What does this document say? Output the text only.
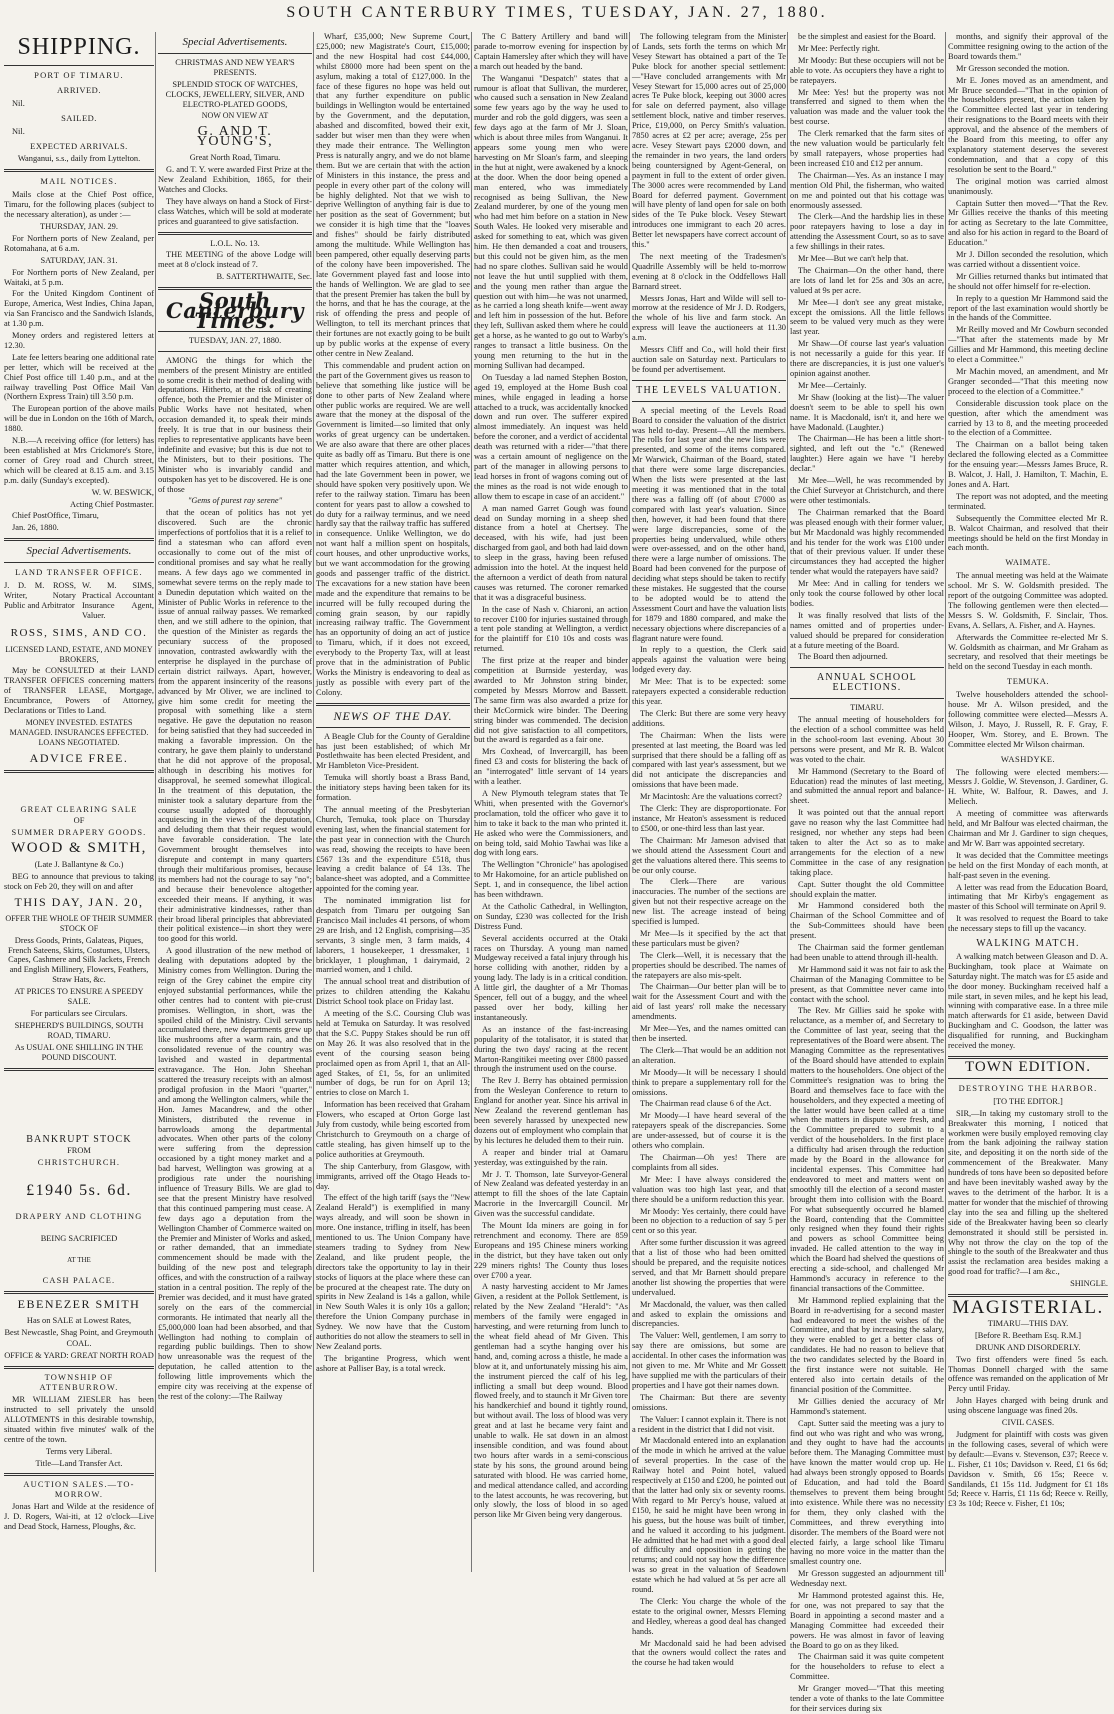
SOUTH CANTERBURY TIMES, TUESDAY, JAN. 27, 1880.
SHIPPING.
PORT OF TIMARU.
ARRIVED.

Nil.

SAILED.

Nil.

EXPECTED ARRIVALS.

Wanganui, s.s., daily from Lyttelton.

MAIL NOTICES.

Mails close at the Chief Post office, Timaru, for the following places (subject to the necessary alteration), as under :—

THURSDAY, JAN. 29.

For Northern ports of New Zealand, per Rotomahana, at 6 a.m.

SATURDAY, JAN. 31.

For Northern ports of New Zealand, per Waitaki, at 5 p.m.

For the United Kingdom Continent of Europe, America, West Indies, China Japan, via San Francisco and the Sandwich Islands, at 1.30 p.m.

Money orders and registered letters at 12.30.

Late fee letters bearing one additional rate per letter, which will be received at the Chief Post office till 1.40 p.m., and at the railway travelling Post Office Mail Van (Northern Express Train) till 3.50 p.m.

The European portion of the above mails will be due in London on the 16th of March, 1880.

N.B.—A receiving office (for letters) has been established at Mrs Crickmore's Store, corner of Grey road and Church street, which will be cleared at 8.15 a.m. and 3.15 p.m. daily (Sunday's excepted).

W. W. BESWICK,

Acting Chief Postmaster.

Chief PostOffice, Timaru,

Jan. 26, 1880.

Special Advertisements.
LAND TRANSFER OFFICE.

J. D. M. ROSS, Writer, Notary Public and Arbitrator

W. M. SIMS, Practical Accountant Insurance Agent, Valuer.

ROSS, SIMS, AND CO.

LICENSED LAND, ESTATE, AND MONEY BROKERS,

May be CONSULTED at their LAND TRANSFER OFFICES concerning matters of TRANSFER LEASE, Mortgage, Encumbrance, Powers of Attorney, Declarations or Titles to Land.

MONEY INVESTED. ESTATES MANAGED. INSURANCES EFFECTED. LOANS NEGOTIATED.

ADVICE FREE.

GREAT CLEARING SALE

OF

SUMMER DRAPERY GOODS.

WOOD & SMITH,

(Late J. Ballantyne & Co.)

BEG to announce that previous to taking stock on Feb 20, they will on and after

THIS DAY, JAN. 20,

OFFER THE WHOLE OF THEIR SUMMER STOCK OF

Dress Goods, Prints, Galateas, Piques, French Sateens, Skirts, Costumes, Ulsters, Capes, Cashmere and Silk Jackets, French and English Millinery, Flowers, Feathers, Straw Hats, &c.

AT PRICES TO ENSURE A SPEEDY SALE.

For particulars see Circulars.

SHEPHERD'S BUILDINGS, SOUTH ROAD, TIMARU.

As USUAL ONE SHILLING IN THE POUND DISCOUNT.

BANKRUPT STOCK

FROM

CHRISTCHURCH.

£1940 5s. 6d.

DRAPERY AND CLOTHING

BEING SACRIFICED

AT THE

CASH PALACE.

EBENEZER SMITH

Has on SALE at Lowest Rates,

Best Newcastle, Shag Point, and Greymouth

COAL.

OFFICE & YARD: GREAT NORTH ROAD

TOWNSHIP OF ATTENBURROW.

MR WILLIAM ZIESLER has been instructed to sell privately the unsold ALLOTMENTS in this desirable township, situated within five minutes' walk of the centre of the town.

Terms very Liberal.

Title—Land Transfer Act.

AUCTION SALES.—TO-MORROW.

Jonas Hart and Wilde at the residence of J. D. Rogers, Wai-iti, at 12 o'clock—Live and Dead Stock, Harness, Ploughs, &c.

Special Advertisements.

CHRISTMAS AND NEW YEAR'S PRESENTS.

SPLENDID STOCK OF WATCHES, CLOCKS, JEWELLERY, SILVER, AND ELECTRO-PLATED GOODS,

NOW ON VIEW AT

G. AND T. YOUNG'S,

Great North Road, Timaru.

G. and T. Y. were awarded First Prize at the New Zealand Exhibition, 1865, for their Watches and Clocks.

They have always on hand a Stock of First-class Watches, which will be sold at moderate prices and guaranteed to give satisfaction.

L.O.L. No. 13.

THE MEETING of the above Lodge will meet at 8 o'clock instead of 7.

B. SATTERTHWAITE, Sec.

South Canterbury Times.

TUESDAY, JAN. 27, 1880.

AMONG the things for which the members of the present Ministry are entitled to some credit is their method of dealing with deputations. Hitherto, at the risk of creating offence, both the Premier and the Minister of Public Works have not hesitated, when occasion demanded it, to speak their minds freely. It is true that in our business their replies to representative applicants have been indefinite and evasive; but this is due not to the Ministers, but to their positions. The Minister who is invariably candid and outspoken has yet to be discovered. He is one of those

"Gems of purest ray serene"

that the ocean of politics has not yet discovered. Such are the chronic imperfections of portfolios that it is a relief to find a statesman who can afford even occasionally to come out of the mist of conditional promises and say what he really means. A few days ago we commented in somewhat severe terms on the reply made to a Dunedin deputation which waited on the Minister of Public Works in reference to the issue of annual railway passes. We remarked then, and we still adhere to the opinion, that the question of the Minister as regards the pecuniary success of the proposed innovation, contrasted awkwardly with the enterprise he displayed in the purchase of certain district railways. Apart, however, from the apparent insincerity of the reasons advanced by Mr Oliver, we are inclined to give him some credit for meeting the proposal with something like a stern negative. He gave the deputation no reason for being satisfied that they had succeeded in making a favorable impression. On the contrary, he gave them plainly to understand that he did not approve of the proposal, although in describing his motives for disapproval, he seemed somewhat illogical. In the treatment of this deputation, the minister took a salutary departure from the course usually adopted of thoroughly acquiescing in the views of the deputation, and deluding them that their request would have favorable consideration. The late Government brought themselves into disrepute and contempt in many quarters through their multifarious promises, because its members had not the courage to say "no"; and because their benevolence altogether exceeded their means. If anything, it was their administrative kindnesses, rather than their broad liberal principles that abbreviated their political existence—in short they were too good for this world.

A good illustration of the new method of dealing with deputations adopted by the Ministry comes from Wellington. During the reign of the Grey cabinet the empire city enjoyed substantial performances, while the other centres had to content with pie-crust promises. Wellington, in short, was the spoiled child of the Ministry. Civil servants accumulated there, new departments grew up like mushrooms after a warm rain, and the consolidated revenue of the country was lavished and wasted in departmental extravagance. The Hon. John Sheehan scattered the treasury receipts with an almost prodigal profusion in the Maori "quarter," and among the Wellington calmers, while the Hon. James Macandrew, and the other Ministers, distributed the revenue in barrowloads among the departmental advocates. When other parts of the colony were suffering from the depression occasioned by a tight money market and a bad harvest, Wellington was growing at a prodigious rate under the nourishing influence of Treasury Bills. We are glad to see that the present Ministry have resolved that this continued pampering must cease. A few days ago a deputation from the Wellington Chamber of Commerce waited on the Premier and Minister of Works and asked, or rather demanded, that an immediate commencement should be made with the building of the new post and telegraph offices, and with the construction of a railway station in a central position. The reply of the Premier was decided, and it must have grated sorely on the ears of the commercial cormorants. He intimated that nearly all the £5,000,000 loan had been absorbed, and that Wellington had nothing to complain of regarding public buildings. Then to show how unreasonable was the request of the deputation, he called attention to the following little improvements which the empire city was receiving at the expense of the rest of the colony:—The Railway

Wharf, £35,000; New Supreme Court, £25,000; new Magistrate's Court, £15,000; and the new Hospital had cost £44,000, whilst £8000 more had been spent on the asylum, making a total of £127,000. In the face of these figures no hope was held out that any further expenditure on public buildings in Wellington would be entertained by the Government, and the deputation, abashed and discomfited, bowed their exit, sadder but wiser men than they were when they made their entrance. The Wellington Press is naturally angry, and we do not blame them. But we are certain that with the action of Ministers in this instance, the press and people in every other part of the colony will be highly delighted. Not that we wish to deprive Wellington of anything fair is due to her position as the seat of Government; but we consider it is high time that the "loaves and fishes" should be fairly distributed among the multitude. While Wellington has been pampered, other equally deserving parts of the colony have been impoverished. The late Government played fast and loose into the hands of Wellington. We are glad to see that the present Premier has taken the bull by the horns, and that he has the courage, at the risk of offending the press and people of Wellington, to tell its merchant princes that their fortunes are not exactly going to be built up by public works at the expense of every other centre in New Zealand.

This commendable and prudent action on the part of the Government gives us reason to believe that something like justice will be done to other parts of New Zealand where other public works are required. We are well aware that the money at the disposal of the Government is limited—so limited that only works of great urgency can be undertaken. We are also aware that there are other places quite as badly off as Timaru. But there is one matter which requires attention, and which, had the late Government been in power, we should have spoken very positively upon. We refer to the railway station. Timaru has been content for years past to allow a cowshed to do duty for a railway terminus, and we need hardly say that the railway traffic has suffered in consequence. Unlike Wellington, we do not want half a million spent on hospitals, court houses, and other unproductive works, but we want accommodation for the growing goods and passenger traffic of the district. The excavations for a new station have been made and the expenditure that remains to be incurred will be fully recouped during the coming grain season, by our rapidly increasing railway traffic. The Government has an opportunity of doing an act of justice to Timaru, which, if it does not exceed, everybody to the Property Tax, will at least prove that in the administration of Public Works the Ministry is endeavoring to deal as justly as possible with every part of the Colony.

NEWS OF THE DAY.

A Beagle Club for the County of Geraldine has just been established; of which Mr Postlethwaite has been elected President, and Mr Hambleton Vice-President.

Temuka will shortly boast a Brass Band, the initiatory steps having been taken for its formation.

The annual meeting of the Presbyterian Church, Temuka, took place on Thursday evening last, when the financial statement for the past year in connection with the Church was read, showing the receipts to have been £567 13s and the expenditure £518, thus leaving a credit balance of £4 13s. The balance-sheet was adopted, and a Committee appointed for the coming year.

The nominated immigration list for despatch from Timaru per outgoing San Francisco Mail includes 41 persons, of whom 29 are Irish, and 12 English, comprising—35 servants, 3 single men, 3 farm maids, 4 laborers, 1 housekeeper, 1 dressmaker, 1 bricklayer, 1 ploughman, 1 dairymaid, 2 married women, and 1 child.

The annual school treat and distribution of prizes to children attending the Kakahu District School took place on Friday last.

A meeting of the S.C. Coursing Club was held at Temuka on Saturday. It was resolved that the S.C. Puppy Stakes should be run off on May 26. It was also resolved that in the event of the coursing season being proclaimed open as from April 1, that an All-aged Stakes, of £1, 5s, for an unlimited number of dogs, be run for on April 13; entries to close on March 1.

Information has been received that Graham Flowers, who escaped at Orton Gorge last July from custody, while being escorted from Christchurch to Greymouth on a charge of cattle stealing, has given himself up to the police authorities at Greymouth.

The ship Canterbury, from Glasgow, with immigrants, arrived off the Otago Heads to-day.

The effect of the high tariff (says the "New Zealand Herald") is exemplified in many ways already, and will soon be shown in more. One instance, trifling in itself, has been mentioned to us. The Union Company have steamers trading to Sydney from New Zealand, and like prudent people, the directors take the opportunity to lay in their stocks of liquors at the place where these can be procured at the cheapest rate. The duty on spirits in New Zealand is 14s a gallon, while in New South Wales it is only 10s a gallon; therefore the Union Company purchase in Sydney. We now have that the Custom authorities do not allow the steamers to sell in New Zealand ports.

The brigantine Progress, which went ashore at Palliser Bay, is a total wreck.

The C Battery Artillery and band will parade to-morrow evening for inspection by Captain Hamersley after which they will have a march out headed by the band.

The Wanganui "Despatch" states that a rumour is afloat that Sullivan, the murderer, who caused such a sensation in New Zealand some few years ago by the way he used to murder and rob the gold diggers, was seen a few days ago at the farm of Mr J. Sloan, which is about three miles from Wanganui. It appears some young men who were harvesting on Mr Sloan's farm, and sleeping in the hut at night, were awakened by a knock at the door. When the door being opened a man entered, who was immediately recognised as being Sullivan, the New Zealand murderer, by one of the young men who had met him before on a station in New South Wales. He looked very miserable and asked for something to eat, which was given him. He then demanded a coat and trousers, but this could not be given him, as the men had no spare clothes. Sullivan said he would not leave the hut until supplied with them, and the young men rather than argue the question out with him—he was not unarmed, as he carried a long sheath knife—went away and left him in possession of the hut. Before they left, Sullivan asked them where he could get a horse, as he wanted to go out to Warby's ranges to transact a little business. On the young men returning to the hut in the morning Sullivan had decamped.

On Tuesday a lad named Stephen Boston, aged 19, employed at the Home Bush coal mines, while engaged in leading a horse attached to a truck, was accidentally knocked down and run over. The sufferer expired almost immediately. An inquest was held before the coroner, and a verdict of accidental death was returned with a rider—"that there was a certain amount of negligence on the part of the manager in allowing persons to lead horses in front of wagons coming out of the mines as the road is not wide enough to allow them to escape in case of an accident."

A man named Garret Gough was found dead on Sunday morning in a sheep shed distance from a hotel at Chertsey. The deceased, with his wife, had just been discharged from gaol, and both had laid down to sleep in the grass, having been refused admission into the hotel. At the inquest held the afternoon a verdict of death from natural causes was returned. The coroner remarked that it was a disgraceful business.

In the case of Nash v. Chiaroni, an action to recover £100 for injuries sustained through a tent pole standing at Wellington, a verdict for the plaintiff for £10 10s and costs was returned.

The first prize at the reaper and binder competition at Burnside yesterday, was awarded to Mr Johnston string binder, competed by Messrs Morrow and Bassett. The same firm was also awarded a prize for their McCormick wire binder. The Deering string binder was commended. The decision did not give satisfaction to all competitors, but the award is regarded as a fair one.

Mrs Coxhead, of Invercargill, has been fined £3 and costs for blistering the back of an "interrogated" little servant of 14 years with a leather.

A New Plymouth telegram states that Te Whiti, when presented with the Governor's proclamation, told the officer who gave it to him to take it back to the man who printed it. He asked who were the Commissioners, and on being told, said Mohio Tawhai was like a dog with long ears.

The Wellington "Chronicle" has apologised to Mr Hakomoine, for an article published on Sept. 1, and in consequence, the libel action has been withdrawn.

At the Catholic Cathedral, in Wellington, on Sunday, £230 was collected for the Irish Distress Fund.

Several accidents occurred at the Otaki races on Thursday. A young man named Mudgeway received a fatal injury through his horse colliding with another, ridden by a young lady. The lady is in a critical condition. A little girl, the daughter of a Mr Thomas Spencer, fell out of a buggy, and the wheel passed over her body, killing her instantaneously.

As an instance of the fast-increasing popularity of the totalisator, it is stated that during the two days' racing at the recent Marton-Rangitikei meeting over £800 passed through the instrument used on the course.

The Rev J. Berry has obtained permission from the Wesleyan Conference to return to England for another year. Since his arrival in New Zealand the reverend gentleman has been severely harassed by unexpected new dozens out of employment who complain that by his lectures he deluded them to their ruin.

A reaper and binder trial at Oamaru yesterday, was extinguished by the rain.

Mr J. T. Thomson, late Surveyor-General of New Zealand was defeated yesterday in an attempt to fill the shoes of the late Captain Macrorie in the Invercargill Council. Mr Given was the successful candidate.

The Mount Ida miners are going in for retrenchment and economy. There are 859 Europeans and 195 Chinese miners working in the district, but they have taken out only 229 miners rights! The County thus loses over £700 a year.

A nasty harvesting accident to Mr James Given, a resident at the Pollok Settlement, is related by the New Zealand "Herald": "As members of the family were engaged in harvesting, and were returning from lunch to the wheat field ahead of Mr Given. This gentleman had a scythe hanging over his hand, and, coming across a thistle, he made a blow at it, and unfortunately missing his aim, the instrument pierced the calf of his leg, inflicting a small but deep wound. Blood flowed freely, and to staunch it Mr Given tore his handkerchief and bound it tightly round, but without avail. The loss of blood was very great and at last he became very faint and unable to walk. He sat down in an almost insensible condition, and was found about two hours after wards in a semi-conscious state by his sons, the ground around being saturated with blood. He was carried home, and medical attendance called, and according to the latest accounts, he was recovering, but only slowly, the loss of blood in so aged person like Mr Given being very dangerous.

The following telegram from the Minister of Lands, sets forth the terms on which Mr Vesey Stewart has obtained a part of the Te Puke block for another special settlement:—"Have concluded arrangements with Mr Vesey Stewart for 15,000 acres out of 25,000 acres Te Puke block, keeping out 3000 acres for sale on deferred payment, also village settlement block, native and timber reserves. Price, £19,000, on Percy Smith's valuation. 7850 acres at £2 per acre; average, 25s per acre. Vesey Stewart pays £2000 down, and the remainder in two years, the land orders being countersigned by Agent-General, on payment in full to the extent of order given. The 3000 acres were recommended by Land Board for deferred payment. Government will have plenty of land open for sale on both sides of the Te Puke block. Vesey Stewart introduces one immigrant to each 20 acres. Better let newspapers have correct account of this."

The next meeting of the Tradesmen's Quadrille Assembly will be held to-morrow evening at 8 o'clock in the Oddfellows Hall Barnard street.

Messrs Jonas, Hart and Wilde will sell to-morrow at the residence of Mr J. D. Rodgers, the whole of his live and farm stock. An express will leave the auctioneers at 11.30 a.m.

Messrs Cliff and Co., will hold their first auction sale on Saturday next. Particulars to be found per advertisement.

THE LEVELS VALUATION.

A special meeting of the Levels Road Board to consider the valuation of the district was held to-day. Present—All the members. The rolls for last year and the new lists were presented, and some of the items compared. Mr Warwick, Chairman of the Board, stated that there were some large discrepancies. When the lists were presented at the last meeting it was mentioned that in the total there was a falling off (of about £7000 as compared with last year's valuation. Since then, however, it had been found that there were large discrepancies, some of the properties being undervalued, while others were over-assessed, and on the other hand, there were a large number of omissions. The Board had been convened for the purpose of deciding what steps should be taken to rectify these mistakes. He suggested that the course to be adopted would be to attend the Assessment Court and have the valuation lists for 1879 and 1880 compared, and make the necessary objections where discrepancies of a flagrant nature were found.

In reply to a question, the Clerk said appeals against the valuation were being lodged every day.

Mr Mee: That is to be expected: some ratepayers expected a considerable reduction this year.

The Clerk: But there are some very heavy additions.

The Chairman: When the lists were presented at last meeting, the Board was led surprised that there should be a falling off as compared with last year's assessment, but we did not anticipate the discrepancies and omissions that have been made.

Mr Macintosh: Are the valuations correct?

The Clerk: They are disproportionate. For instance, Mr Heaton's assessment is reduced to £500, or one-third less than last year.

The Chairman: Mr Jameson advised that we should attend the Assessment Court and get the valuations altered there. This seems to be our only course.

The Clerk—There are various inaccuracies. The number of the sections are given but not their respective acreage on the new list. The acreage instead of being specified is lumped.

Mr Mee—Is it specified by the act that these particulars must be given?

The Clerk—Well, it is necessary that the properties should be described. The names of the ratepayers are also mis-spelt.

The Chairman—Our better plan will be to wait for the Assessment Court and with the aid of last years' roll make the necessary amendments.

Mr Mee—Yes, and the names omitted can then be inserted.

The Clerk—That would be an addition not an alteration.

Mr Moody—It will be necessary I should think to prepare a supplementary roll for the omissions.

The Chairman read clause 6 of the Act.

Mr Moody—I have heard several of the ratepayers speak of the discrepancies. Some are under-assessed, but of course it is the others who complain.

The Chairman—Oh yes! There are complaints from all sides.

Mr Mee: I have always considered the valuation was too high last year, and that there should be a uniform reduction this year.

Mr Moody: Yes certainly, there could have been no objection to a reduction of say 5 per cent or so this year.

After some further discussion it was agreed that a list of those who had been omitted should be prepared, and the requisite notices served, and that Mr Barnett should prepare another list showing the properties that were undervalued.

Mr Macdonald, the valuer, was then called and asked to explain the omissions and discrepancies.

The Valuer: Well, gentlemen, I am sorry to say there are omissions, but some are accidental. In other cases the information was not given to me. Mr White and Mr Gossett have supplied me with the particulars of their properties and I have got their names down.

The Chairman: But there are seventy omissions.

The Valuer: I cannot explain it. There is not a resident in the district that I did not visit.

Mr Macdonald entered into an explanation of the mode in which he arrived at the value of several properties. In the case of the Railway hotel and Point hotel, valued respectively at £150 and £200, he pointed out that the latter had only six or seventy rooms. With regard to Mr Percy's house, valued at £150, he said he might have been wrong in his guess, but the house was built of timber, and he valued it according to his judgment. He admitted that he had met with a good deal of difficulty and opposition in getting the returns; and could not say how the difference was so great in the valuation of Seadown estate which he had valued at 5s per acre all round.

The Clerk: You charge the whole of the estate to the original owner, Messrs Fleming and Hedley, whereas a good deal has changed hands.

Mr Macdonald said he had been advised that the owners would collect the rates and the course he had taken would

be the simplest and easiest for the Board.

Mr Mee: Perfectly right.

Mr Moody: But these occupiers will not be able to vote. As occupiers they have a right to be ratepayers.

Mr Mee: Yes! but the property was not transferred and signed to them when the valuation was made and the valuer took the best course.

The Clerk remarked that the farm sites of the new valuation would be particularly felt by small ratepayers, whose properties had been increased £10 and £12 per annum.

The Chairman—Yes. As an instance I may mention Old Phil, the fisherman, who waited on me and pointed out that his cottage was enormously assessed.

The Clerk—And the hardship lies in these poor ratepayers having to lose a day in attending the Assessment Court, so as to save a few shillings in their rates.

Mr Mee—But we can't help that.

The Chairman—On the other hand, there are lots of land let for 25s and 30s an acre, valued at 9s per acre.

Mr Mee—I don't see any great mistake, except the omissions. All the little fellows seem to be valued very much as they were last year.

Mr Shaw—Of course last year's valuation is not necessarily a guide for this year. If there are discrepancies, it is just one valuer's opinion against another.

Mr Mee—Certainly.

Mr Shaw (looking at the list)—The valuer doesn't seem to be able to spell his own name. It is Macdonald, isn't it, and here we have Madonald. (Laughter.)

The Chairman—He has been a little short-sighted, and left out the "c." (Renewed laughter.) Here again we have "I hereby declar."

Mr Mee—Well, he was recommended by the Chief Surveyor at Christchurch, and there were other testimonials.

The Chairman remarked that the Board was pleased enough with their former valuer, but Mr Macdonald was highly recommended and his tender for the work was £100 under that of their previous valuer. If under these circumstances they had accepted the higher tender what would the ratepayers have said?

Mr Mee: And in calling for tenders we only took the course followed by other local bodies.

It was finally resolved that lists of the names omitted and of properties under-valued should be prepared for consideration at a future meeting of the Board.

The Board then adjourned.

ANNUAL SCHOOL ELECTIONS.

TIMARU.

The annual meeting of householders for the election of a school committee was held in the school-room last evening. About 30 persons were present, and Mr R. B. Walcot was voted to the chair.

Mr Hammond (Secretary to the Board of Education) read the minutes of last meeting, and submitted the annual report and balance-sheet.

It was pointed out that the annual report gave no reason why the last Committee had resigned, nor whether any steps had been taken to alter the Act so as to make arrangements for the election of a new Committee in the case of any resignation taking place.

Capt. Sutter thought the old Committee should explain the matter.

Mr Hammond considered both the Chairman of the School Committee and of the Sub-Committees should have been present.

The Chairman said the former gentleman had been unable to attend through ill-health.

Mr Hammond said it was not fair to ask the Chairman of the Managing Committee to be present, as that Committee never came into contact with the school.

The Rev. Mr Gillies said he spoke with reluctance, as a member of, and Secretary to the Committee of last year, seeing that the representatives of the Board were absent. The Managing Committee as the representatives of the Board should have attended to explain matters to the householders. One object of the Committee's resignation was to bring the Board and themselves face to face with the householders, and they expected a meeting of the latter would have been called at a time when the matters in dispute were fresh, and the Committee prepared to submit to a verdict of the householders. In the first place a difficulty had arisen through the reduction made by the Board in the allowance for incidental expenses. This Committee had endeavored to meet and matters went on smoothly till the election of a second master brought them into collision with the Board. For what subsequently occurred he blamed the Board, contending that the Committee only resigned when they found their rights and powers as school Committee being invaded. He called attention to the way in which the Board had shelved the questions of erecting a side-school, and challenged Mr Hammond's accuracy in reference to the financial transactions of the Committee.

Mr Hammond replied explaining that the Board in re-advertising for a second master had endeavored to meet the wishes of the Committee, and that by increasing the salary, they were enabled to get a better class of candidates. He had no reason to believe that the two candidates selected by the Board in the first instance were not suitable. He entered also into certain details of the financial position of the Committee.

Mr Gillies denied the accuracy of Mr Hammond's statement.

Capt. Sutter said the meeting was a jury to find out who was right and who was wrong, and they ought to have had the accounts before them. The Managing Committee must have known the matter would crop up. He had always been strongly opposed to Boards of Education, and had told the Board themselves to prevent them being brought into existence. While there was no necessity for them, they only clashed with the Committees, and threw everything into disorder. The members of the Board were not elected fairly, a large school like Timaru having no more voice in the matter than the smallest country one.

Mr Gresson suggested an adjournment till Wednesday next.

Mr Hammond protested against this. He, for one, was not prepared to say that the Board in appointing a second master and a Managing Committee had exceeded their powers. He was almost in favor of leaving the Board to go on as they liked.

The Chairman said it was quite competent for the householders to refuse to elect a Committee.

Mr Granger moved—"That this meeting tender a vote of thanks to the late Committee for their services during six

months, and signify their approval of the Committee resigning owing to the action of the Board towards them."

Mr Gresson seconded the motion.

Mr E. Jones moved as an amendment, and Mr Bruce seconded—"That in the opinion of the householders present, the action taken by the Committee elected last year in tendering their resignations to the Board meets with their approval, and the absence of the members of the Board from this meeting, to offer any explanatory statement deserves the severest condemnation, and that a copy of this resolution be sent to the Board."

The original motion was carried almost unanimously.

Captain Sutter then moved—"That the Rev. Mr Gillies receive the thanks of this meeting for acting as Secretary to the late Committee, and also for his action in regard to the Board of Education."

Mr J. Dillon seconded the resolution, which was carried without a dissentient voice.

Mr Gillies returned thanks but intimated that he should not offer himself for re-election.

In reply to a question Mr Hammond said the report of the last examination would shortly be in the hands of the Committee.

Mr Reilly moved and Mr Cowburn seconded—"That after the statements made by Mr Gillies and Mr Hammond, this meeting decline to elect a Committee."

Mr Machin moved, an amendment, and Mr Granger seconded—"That this meeting now proceed to the election of a Committee."

Considerable discussion took place on the question, after which the amendment was carried by 13 to 8, and the meeting proceeded to the election of a Committee.

The Chairman on a ballot being taken declared the following elected as a Committee for the ensuing year:—Messrs James Bruce, R. B. Walcot, J. Hall, J. Hamilton, T. Machin, E. Jones and A. Hart.

The report was not adopted, and the meeting terminated.

Subsequently the Committee elected Mr R. B. Walcot Chairman, and resolved that their meetings should be held on the first Monday in each month.

WAIMATE.

The annual meeting was held at the Waimate school. Mr S. W. Goldsmith presided. The report of the outgoing Committee was adopted. The following gentlemen were then elected—Messrs S. W. Goldsmith, F. Sinclair, Thos. Evans, A. Sellars, A. Fisher, and A. Haynes.

Afterwards the Committee re-elected Mr S. W. Goldsmith as chairman, and Mr Graham as secretary, and resolved that their meetings be held on the second Tuesday in each month.

TEMUKA.

Twelve householders attended the school-house. Mr A. Wilson presided, and the following committee were elected—Messrs A. Wilson, J. Mayo, J. Russell, R. F. Gray, F. Hooper, Wm. Storey, and E. Brown. The Committee elected Mr Wilson chairman.

WASHDYKE.

The following were elected members:—Messrs J. Goldie, W. Stevenson, J. Gardiner, G. H. White, W. Balfour, R. Dawes, and J. Meliech.

A meeting of committee was afterwards held, and Mr Balfour was elected chairman, the Chairman and Mr J. Gardiner to sign cheques, and Mr W. Barr was appointed secretary.

It was decided that the Committee meetings be held on the first Monday of each month, at half-past seven in the evening.

A letter was read from the Education Board, intimating that Mr Kirby's engagement as master of this School will terminate on April 9.

It was resolved to request the Board to take the necessary steps to fill up the vacancy.

WALKING MATCH.

A walking match between Gleason and D. A. Buckingham, took place at Waimate on Saturday night. The match was for £5 aside and the door money. Buckingham received half a mile start, in seven miles, and he kept his lead, winning with comparative ease. In a three mile match afterwards for £1 aside, between David Buckingham and C. Goodson, the latter was disqualified for running, and Buckingham received the money.

TOWN EDITION.
DESTROYING THE HARBOR.

[TO THE EDITOR.]

SIR,—In taking my customary stroll to the Breakwater this morning, I noticed that workmen were busily employed removing clay from the bank adjoining the railway station site, and depositing it on the north side of the commencement of the Breakwater. Many hundreds of tons have been so deposited before and have been inevitably washed away by the waves to the detriment of the harbor. It is a matter for wonder that the mischief of throwing clay into the sea and filling up the sheltered side of the Breakwater having been so clearly demonstrated it should still be persisted in. Why not throw the clay on the top of the shingle to the south of the Breakwater and thus assist the reclamation area besides making a good road for traffic?—I am &c.,

SHINGLE.

MAGISTERIAL.

TIMARU—THIS DAY.

[Before R. Beetham Esq. R.M.]

DRUNK AND DISORDERLY.

Two first offenders were fined 5s each. Thomas Donnell charged with the same offence was remanded on the application of Mr Percy until Friday.

John Hayes charged with being drunk and using obscene language was fined 20s.

CIVIL CASES.

Judgment for plaintiff with costs was given in the following cases, several of which were by default:—Evans v. Stevenson, £37; Reece v. L. Fisher, £1 10s; Davidson v. Reed, £1 6s 6d; Davidson v. Smith, £6 15s; Reece v. Sandilands, £1 15s 11d. Judgment for £1 18s 5d; Reece v. Harris, £1 11s 6d; Reece v. Reilly, £3 3s 10d; Reece v. Fisher, £1 10s;
